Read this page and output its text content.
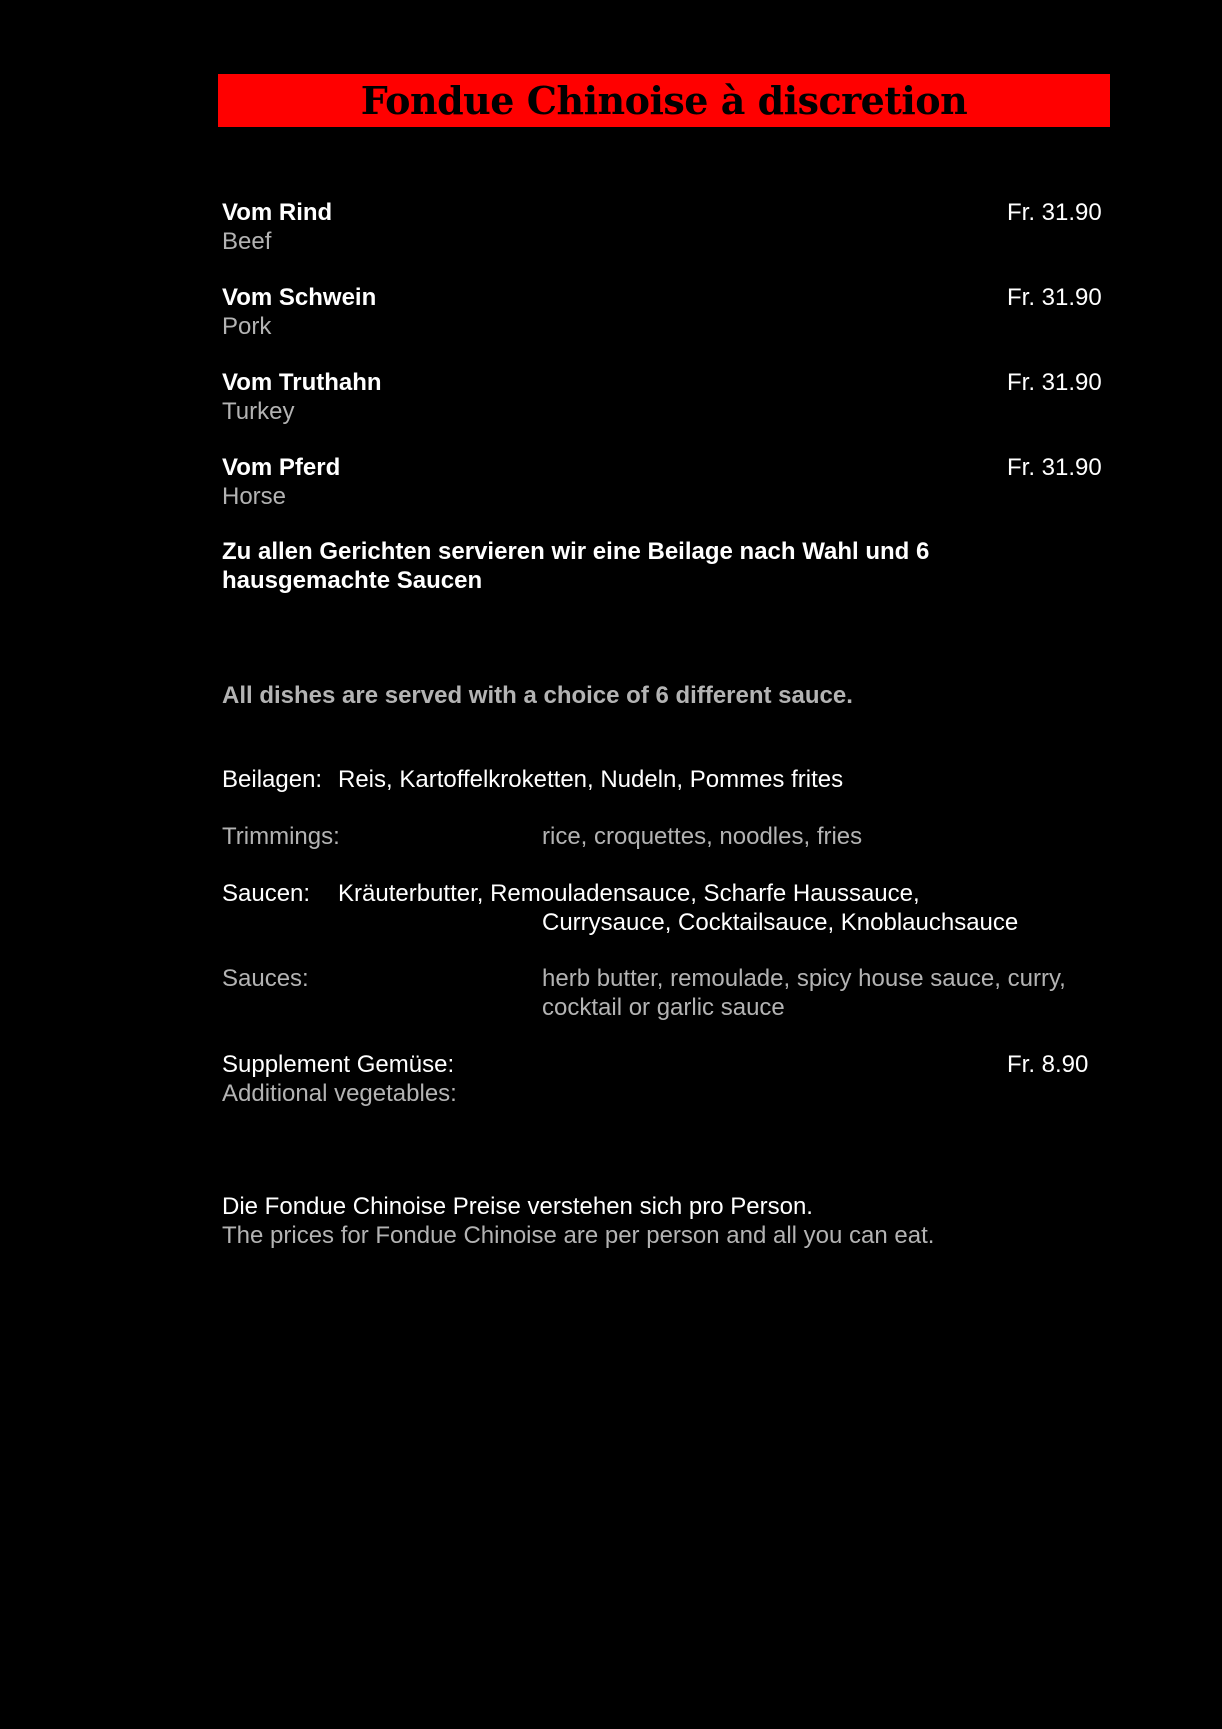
Fondue Chinoise à discretion
Vom Rind	Fr. 31.90
Beef
Vom Schwein	Fr. 31.90
Pork
Vom Truthahn	Fr. 31.90
Turkey
Vom Pferd	Fr. 31.90
Horse
Zu allen Gerichten servieren wir eine Beilage nach Wahl und 6 hausgemachte Saucen
All dishes are served with a choice of 6 different sauce.
Beilagen: Reis, Kartoffelkroketten, Nudeln, Pommes frites
Trimmings:	rice, croquettes, noodles, fries
Saucen: Kräuterbutter, Remouladensauce, Scharfe Haussauce,
Currysauce, Cocktailsauce, Knoblauchsauce
Sauces:	herb butter, remoulade, spicy house sauce, curry,
cocktail or garlic sauce
Supplement Gemüse:	Fr. 8.90
Additional vegetables:
Die Fondue Chinoise Preise verstehen sich pro Person.
The prices for Fondue Chinoise are per person and all you can eat.
